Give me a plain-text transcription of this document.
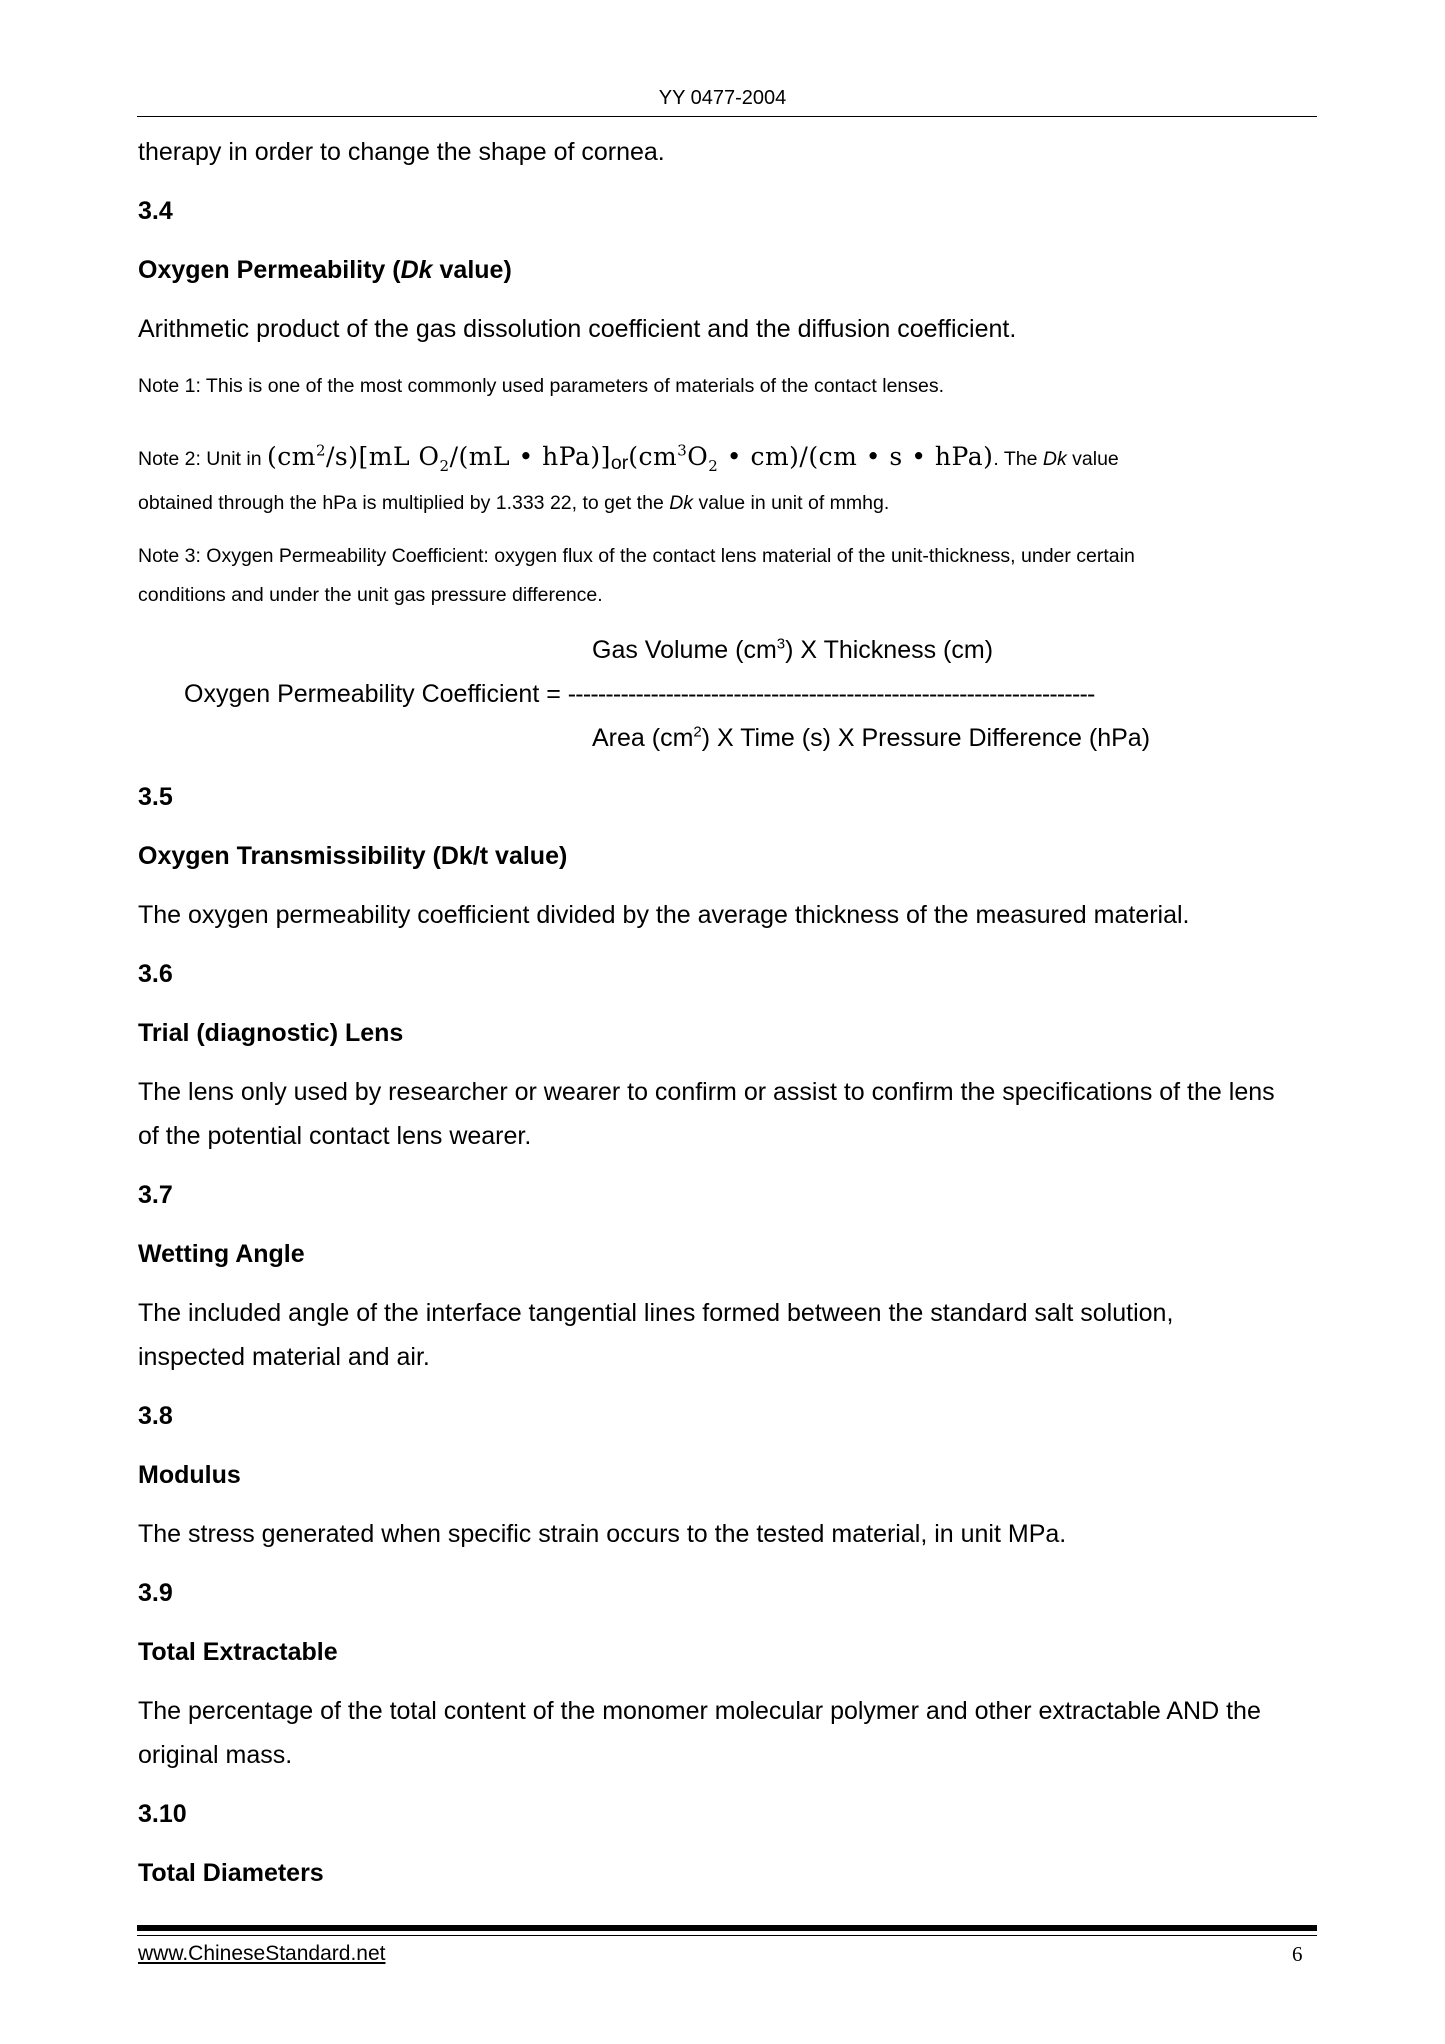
YY 0477-2004
therapy in order to change the shape of cornea.
3.4
Oxygen Permeability (Dk value)
Arithmetic product of the gas dissolution coefficient and the diffusion coefficient.
Note 1: This is one of the most commonly used parameters of materials of the contact lenses.
Note 2: Unit in $(cm^2/s)[mL$ $O_2/(mL$ • $hPa)]or(cm^3O_2$ • cm)/(cm • s • hPa). The Dk value
obtained through the hPa is multiplied by 1.333 22, to get the Dk value in unit of mmhg.
Note 3: Oxygen Permeability Coefficient: oxygen flux of the contact lens material of the unit-thickness, under certain
conditions and under the unit gas pressure difference.
Gas Volume $(cm^3)$ X Thickness (cm)
Oxygen Permeability Coefficient = ----------------------------------------------------------------------
Area $(cm^2)$ X Time (s) X Pressure Difference (hPa)
3.5
Oxygen Transmissibility (Dk/t value)
The oxygen permeability coefficient divided by the average thickness of the measured material.
3.6
Trial (diagnostic) Lens
The lens only used by researcher or wearer to confirm or assist to confirm the specifications of the lens
of the potential contact lens wearer.
3.7
Wetting Angle
The included angle of the interface tangential lines formed between the standard salt solution,
inspected material and air.
3.8
Modulus
The stress generated when specific strain occurs to the tested material, in unit MPa.
3.9
Total Extractable
The percentage of the total content of the monomer molecular polymer and other extractable AND the
original mass.
3.10
Total Diameters
www.ChineseStandard.net	6
